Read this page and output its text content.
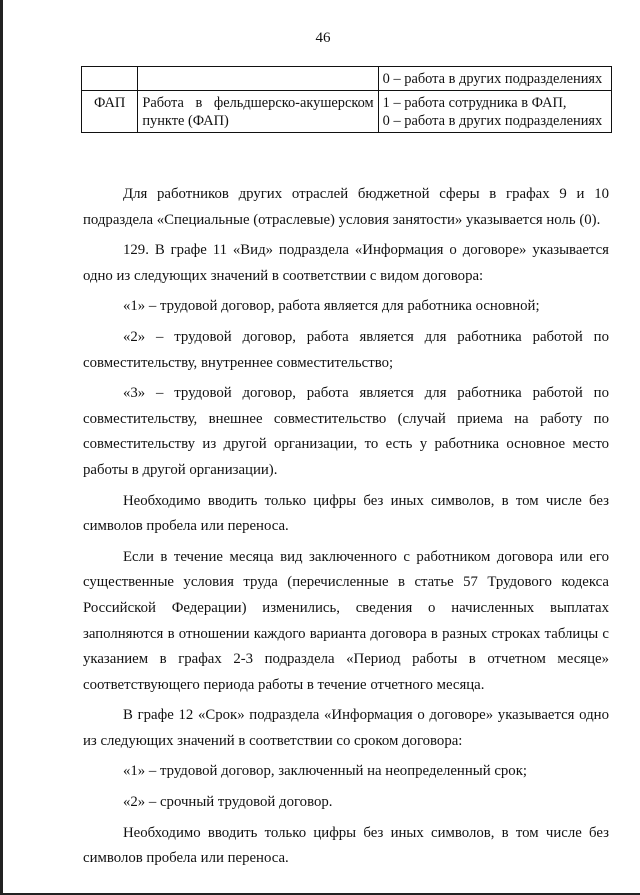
46

		0 – работа в других подразделениях

ФАП	Работа в фельдшерско-акушерском пункте (ФАП)	1 – работа сотрудника в ФАП,
0 – работа в других подразделениях

Для работников других отраслей бюджетной сферы в графах 9 и 10 подраздела «Специальные (отраслевые) условия занятости» указывается ноль (0).

129. В графе 11 «Вид» подраздела «Информация о договоре» указывается одно из следующих значений в соответствии с видом договора:

«1» – трудовой договор, работа является для работника основной;

«2» – трудовой договор, работа является для работника работой по совместительству, внутреннее совместительство;

«3» – трудовой договор, работа является для работника работой по совместительству, внешнее совместительство (случай приема на работу по совместительству из другой организации, то есть у работника основное место работы в другой организации).

Необходимо вводить только цифры без иных символов, в том числе без символов пробела или переноса.

Если в течение месяца вид заключенного с работником договора или его существенные условия труда (перечисленные в статье 57 Трудового кодекса Российской Федерации) изменились, сведения о начисленных выплатах заполняются в отношении каждого варианта договора в разных строках таблицы с указанием в графах 2-3 подраздела «Период работы в отчетном месяце» соответствующего периода работы в течение отчетного месяца.

В графе 12 «Срок» подраздела «Информация о договоре» указывается одно из следующих значений в соответствии со сроком договора:

«1» – трудовой договор, заключенный на неопределенный срок;

«2» – срочный трудовой договор.

Необходимо вводить только цифры без иных символов, в том числе без символов пробела или переноса.
